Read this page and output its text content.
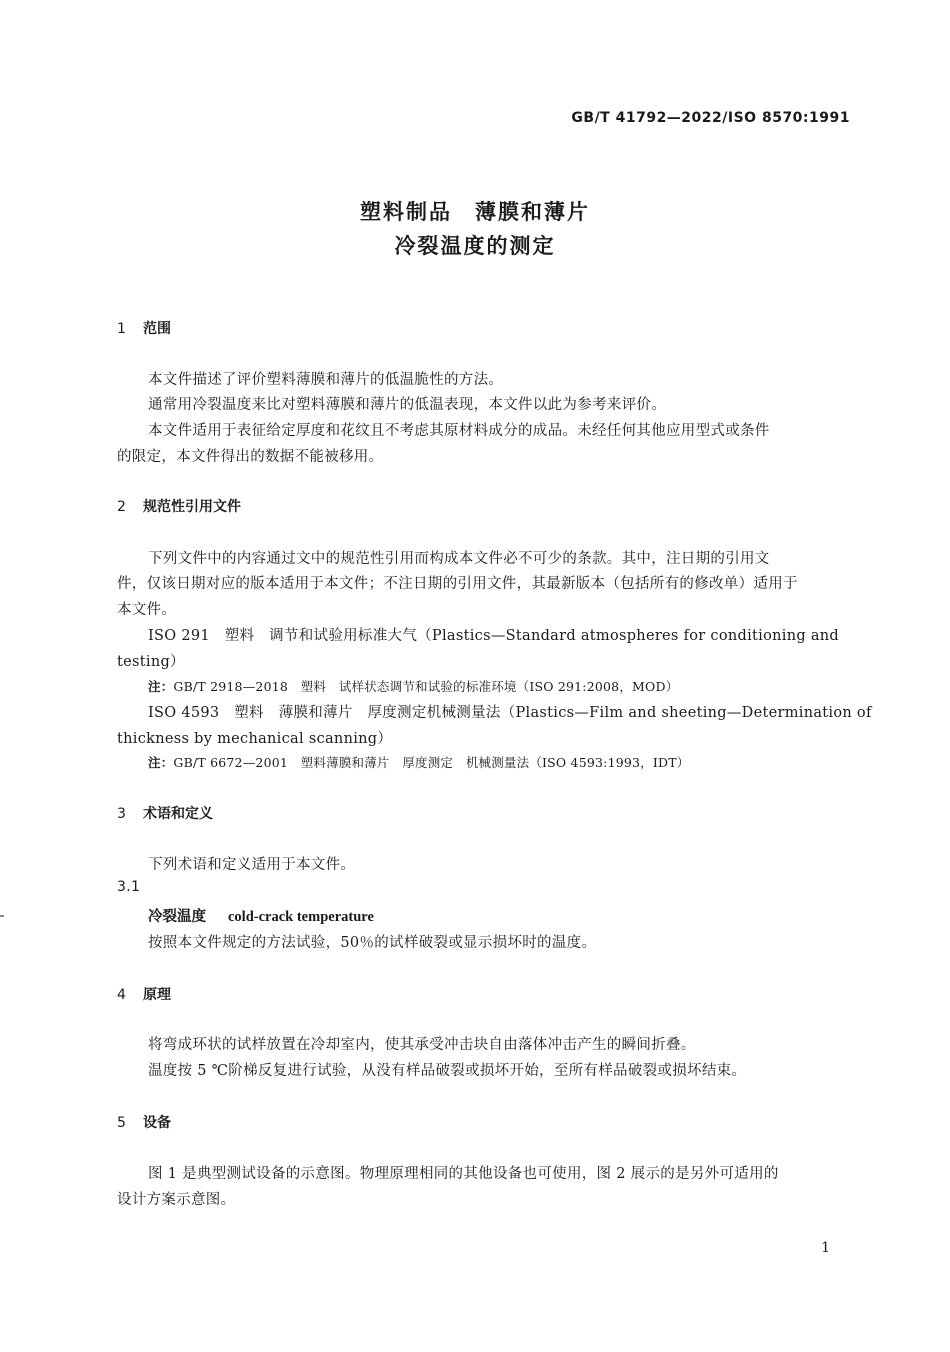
GB/T 41792—2022/ISO 8570:1991
塑料制品　薄膜和薄片
冷裂温度的测定
1 范围
本文件描述了评价塑料薄膜和薄片的低温脆性的方法。
通常用冷裂温度来比对塑料薄膜和薄片的低温表现，本文件以此为参考来评价。
本文件适用于表征给定厚度和花纹且不考虑其原材料成分的成品。未经任何其他应用型式或条件
的限定，本文件得出的数据不能被移用。
2 规范性引用文件
下列文件中的内容通过文中的规范性引用而构成本文件必不可少的条款。其中，注日期的引用文
件，仅该日期对应的版本适用于本文件；不注日期的引用文件，其最新版本（包括所有的修改单）适用于
本文件。
ISO 291　塑料　调节和试验用标准大气（Plastics—Standard atmospheres for conditioning and
testing）
注：GB/T 2918—2018　塑料　试样状态调节和试验的标准环境（ISO 291:2008，MOD）
ISO 4593　塑料　薄膜和薄片　厚度测定机械测量法（Plastics—Film and sheeting—Determination of
thickness by mechanical scanning）
注：GB/T 6672—2001　塑料薄膜和薄片　厚度测定　机械测量法（ISO 4593:1993，IDT）
3 术语和定义
下列术语和定义适用于本文件。
3.1
冷裂温度 cold-crack temperature
按照本文件规定的方法试验，50％的试样破裂或显示损坏时的温度。
4 原理
将弯成环状的试样放置在冷却室内，使其承受冲击块自由落体冲击产生的瞬间折叠。
温度按 5 ℃阶梯反复进行试验，从没有样品破裂或损坏开始，至所有样品破裂或损坏结束。
5 设备
图 1 是典型测试设备的示意图。物理原理相同的其他设备也可使用，图 2 展示的是另外可适用的
设计方案示意图。
1
